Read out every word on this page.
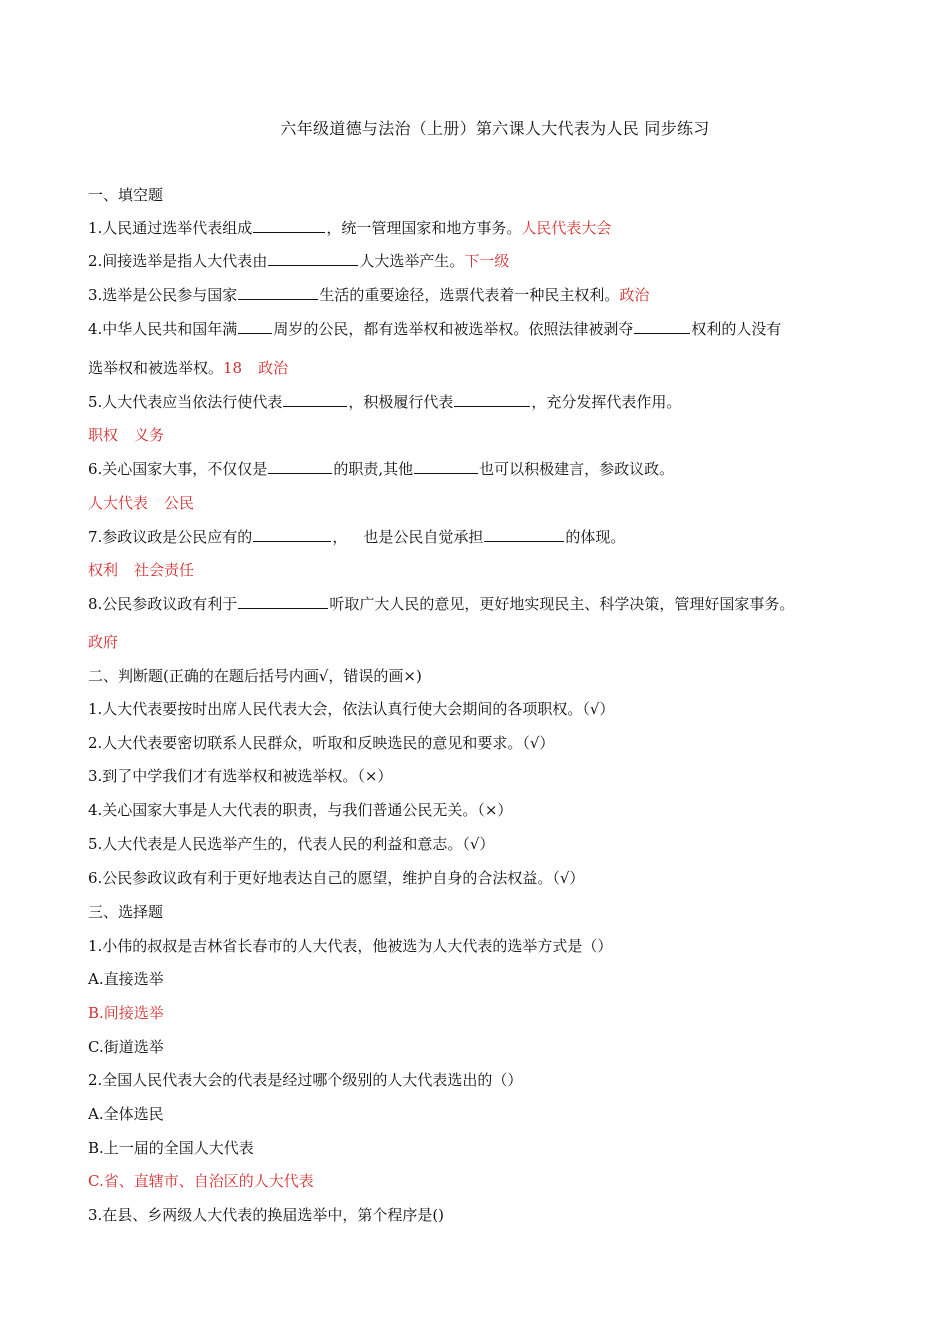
六年级道德与法治（上册）第六课人大代表为人民 同步练习
一、填空题
1.人民通过选举代表组成	，统一管理国家和地方事务。人民代表大会
2.间接选举是指人大代表由	人大选举产生。下一级
3.选举是公民参与国家	生活的重要途径，选票代表着一种民主权利。政治
4.中华人民共和国年满 周岁的公民，都有选举权和被选举权。依照法律被剥夺	权利的人没有
选举权和被选举权。18 政治
5.人大代表应当依法行使代表	，积极履行代表	，充分发挥代表作用。
职权 义务
6.关心国家大事，不仅仅是	的职责,其他	也可以积极建言，参政议政。
人大代表 公民
7.参政议政是公民应有的	， 也是公民自觉承担	的体现。
权利 社会责任
8.公民参政议政有利于	听取广大人民的意见，更好地实现民主、科学决策，管理好国家事务。
政府
二、判断题(正确的在题后括号内画√，错误的画×)
1.人大代表要按时出席人民代表大会，依法认真行使大会期间的各项职权。（√）
2.人大代表要密切联系人民群众，听取和反映选民的意见和要求。（√）
3.到了中学我们才有选举权和被选举权。（×）
4.关心国家大事是人大代表的职责，与我们普通公民无关。（×）
5.人大代表是人民选举产生的，代表人民的利益和意志。（√）
6.公民参政议政有利于更好地表达自己的愿望，维护自身的合法权益。（√）
三、选择题
1.小伟的叔叔是吉林省长春市的人大代表，他被选为人大代表的选举方式是（）
A.直接选举
B.间接选举
C.街道选举
2.全国人民代表大会的代表是经过哪个级别的人大代表选出的（）
A.全体选民
B.上一届的全国人大代表
C.省、直辖市、自治区的人大代表
3.在县、乡两级人大代表的换届选举中，第个程序是()
